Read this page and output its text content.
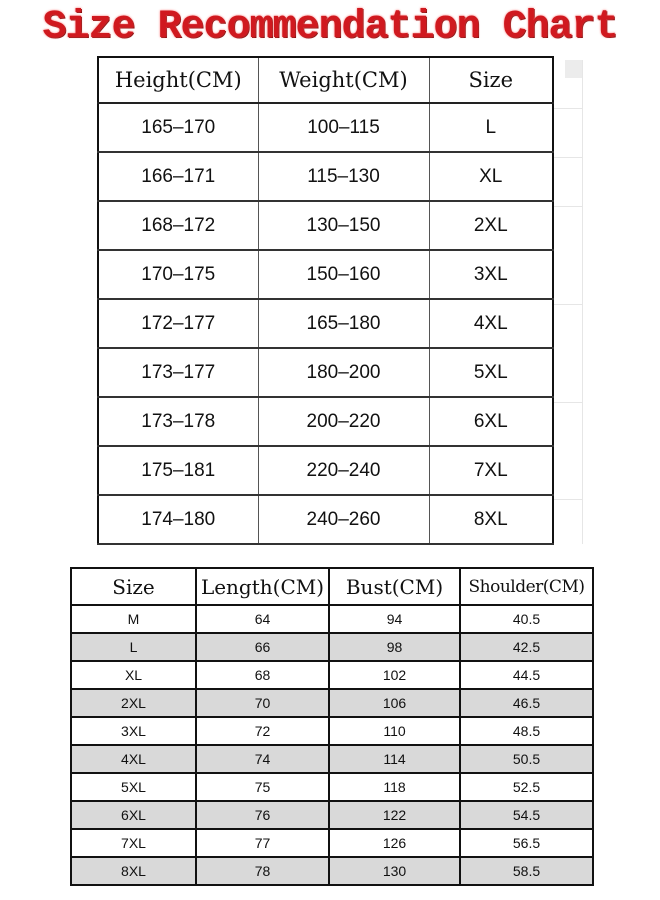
Size Recommendation Chart
Height(CM)	Weight(CM)	Size
165–170	100–115	L
166–171	115–130	XL
168–172	130–150	2XL
170–175	150–160	3XL
172–177	165–180	4XL
173–177	180–200	5XL
173–178	200–220	6XL
175–181	220–240	7XL
174–180	240–260	8XL
Size	Length(CM)	Bust(CM)	Shoulder(CM)
M	64	94	40.5
L	66	98	42.5
XL	68	102	44.5
2XL	70	106	46.5
3XL	72	110	48.5
4XL	74	114	50.5
5XL	75	118	52.5
6XL	76	122	54.5
7XL	77	126	56.5
8XL	78	130	58.5
